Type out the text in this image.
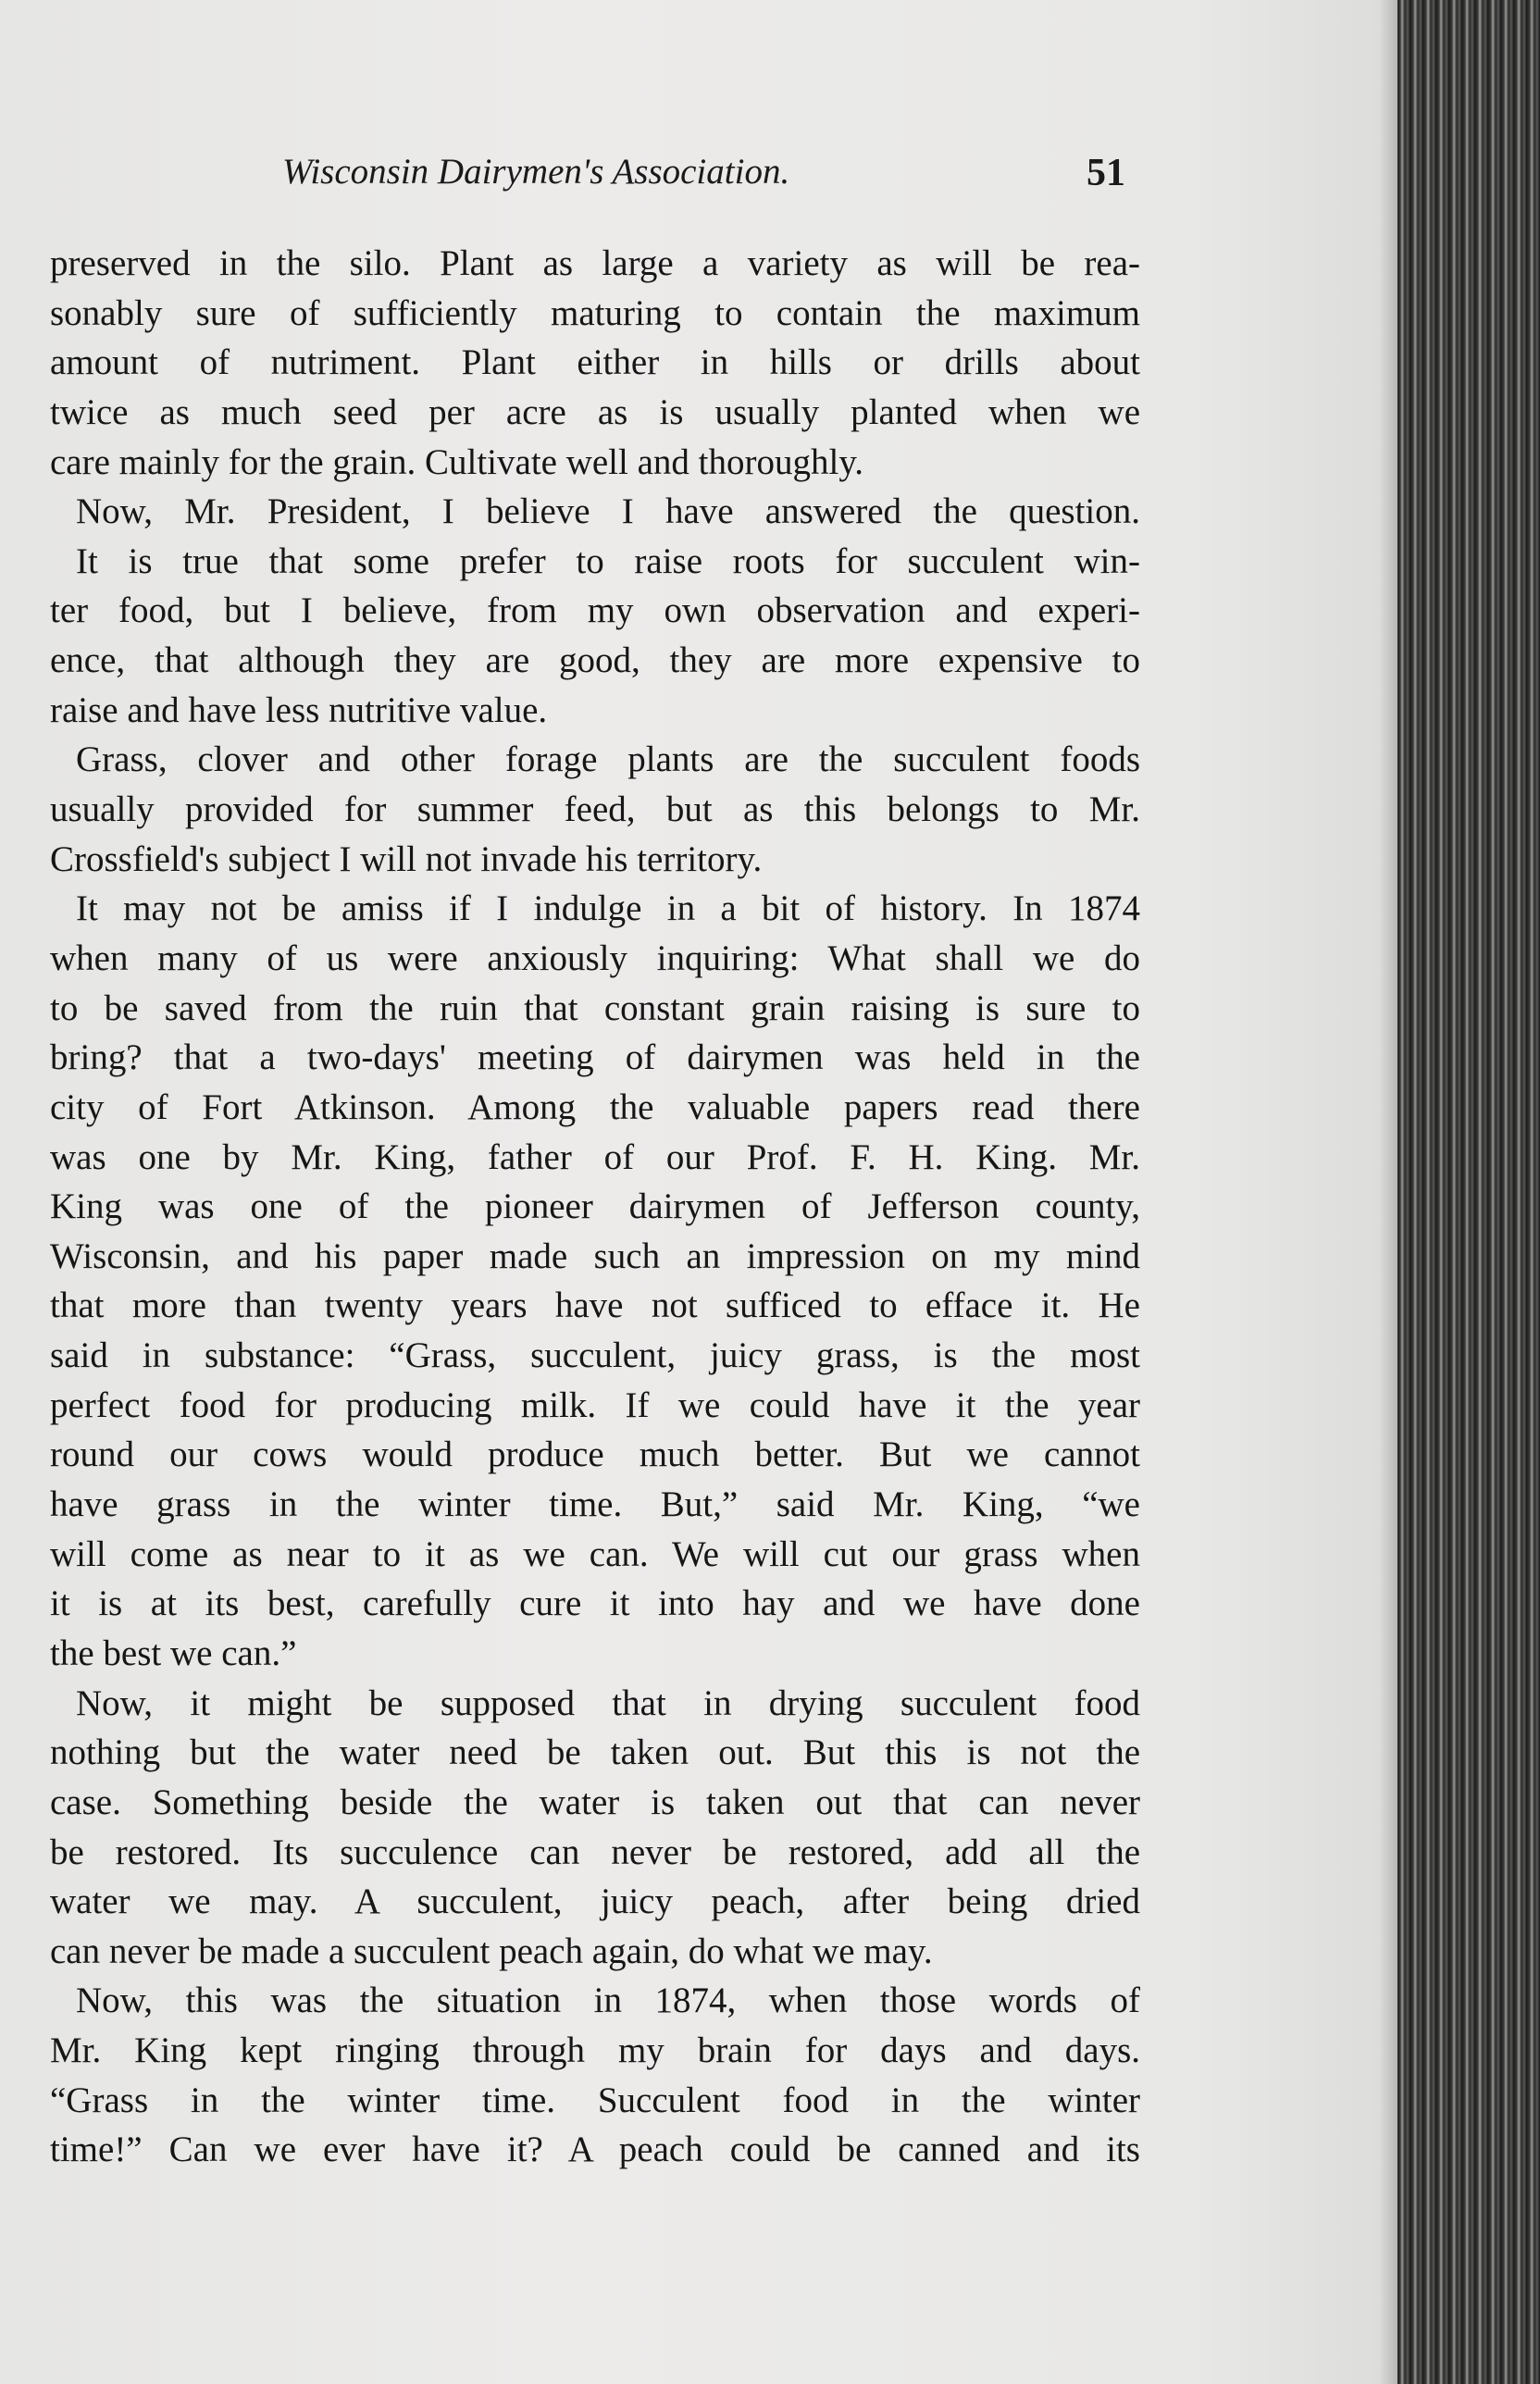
Wisconsin Dairymen's Association.	51
preserved in the silo. Plant as large a variety as will be rea-
sonably sure of sufficiently maturing to contain the maximum
amount of nutriment. Plant either in hills or drills about
twice as much seed per acre as is usually planted when we
care mainly for the grain. Cultivate well and thoroughly.
Now, Mr. President, I believe I have answered the question.
It is true that some prefer to raise roots for succulent win-
ter food, but I believe, from my own observation and experi-
ence, that although they are good, they are more expensive to
raise and have less nutritive value.
Grass, clover and other forage plants are the succulent foods
usually provided for summer feed, but as this belongs to Mr.
Crossfield's subject I will not invade his territory.
It may not be amiss if I indulge in a bit of history. In 1874
when many of us were anxiously inquiring: What shall we do
to be saved from the ruin that constant grain raising is sure to
bring? that a two-days' meeting of dairymen was held in the
city of Fort Atkinson. Among the valuable papers read there
was one by Mr. King, father of our Prof. F. H. King. Mr.
King was one of the pioneer dairymen of Jefferson county,
Wisconsin, and his paper made such an impression on my mind
that more than twenty years have not sufficed to efface it. He
said in substance: “Grass, succulent, juicy grass, is the most
perfect food for producing milk. If we could have it the year
round our cows would produce much better. But we cannot
have grass in the winter time. But,” said Mr. King, “we
will come as near to it as we can. We will cut our grass when
it is at its best, carefully cure it into hay and we have done
the best we can.”
Now, it might be supposed that in drying succulent food
nothing but the water need be taken out. But this is not the
case. Something beside the water is taken out that can never
be restored. Its succulence can never be restored, add all the
water we may. A succulent, juicy peach, after being dried
can never be made a succulent peach again, do what we may.
Now, this was the situation in 1874, when those words of
Mr. King kept ringing through my brain for days and days.
“Grass in the winter time. Succulent food in the winter
time!” Can we ever have it? A peach could be canned and its
